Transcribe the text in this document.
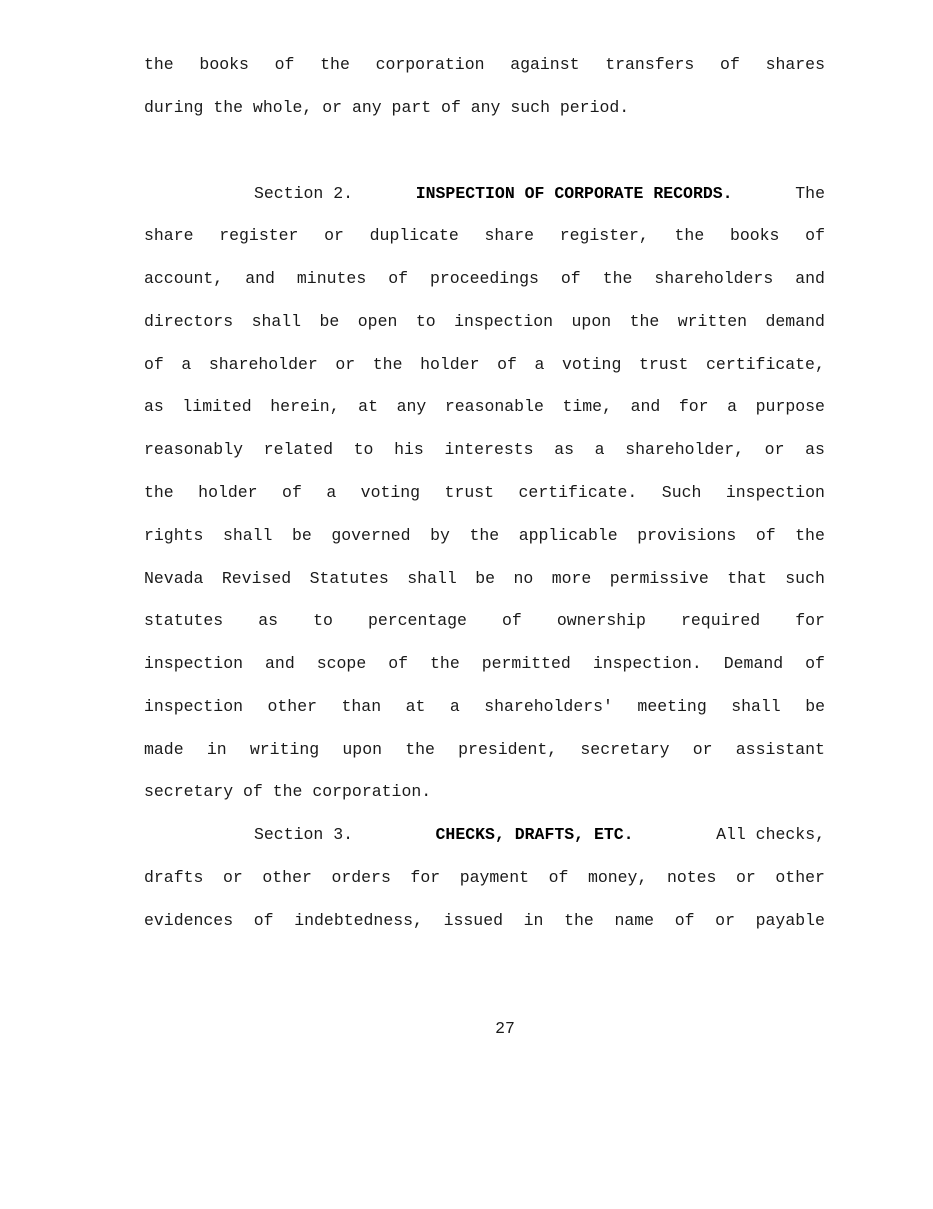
the books of the corporation against transfers of shares
during the whole, or any part of any such period.
Section 2.	INSPECTION OF CORPORATE RECORDS.	The
share register or duplicate share register, the books of
account, and minutes of proceedings of the shareholders and
directors shall be open to inspection upon the written demand
of a shareholder or the holder of a voting trust certificate,
as limited herein, at any reasonable time, and for a purpose
reasonably related to his interests as a shareholder, or as
the holder of a voting trust certificate. Such inspection
rights shall be governed by the applicable provisions of the
Nevada Revised Statutes shall be no more permissive that such
statutes as to percentage of ownership required for
inspection and scope of the permitted inspection. Demand of
inspection other than at a shareholders' meeting shall be
made in writing upon the president, secretary or assistant
secretary of the corporation.
Section 3.	CHECKS, DRAFTS, ETC.	All checks,
drafts or other orders for payment of money, notes or other
evidences of indebtedness, issued in the name of or payable
27
